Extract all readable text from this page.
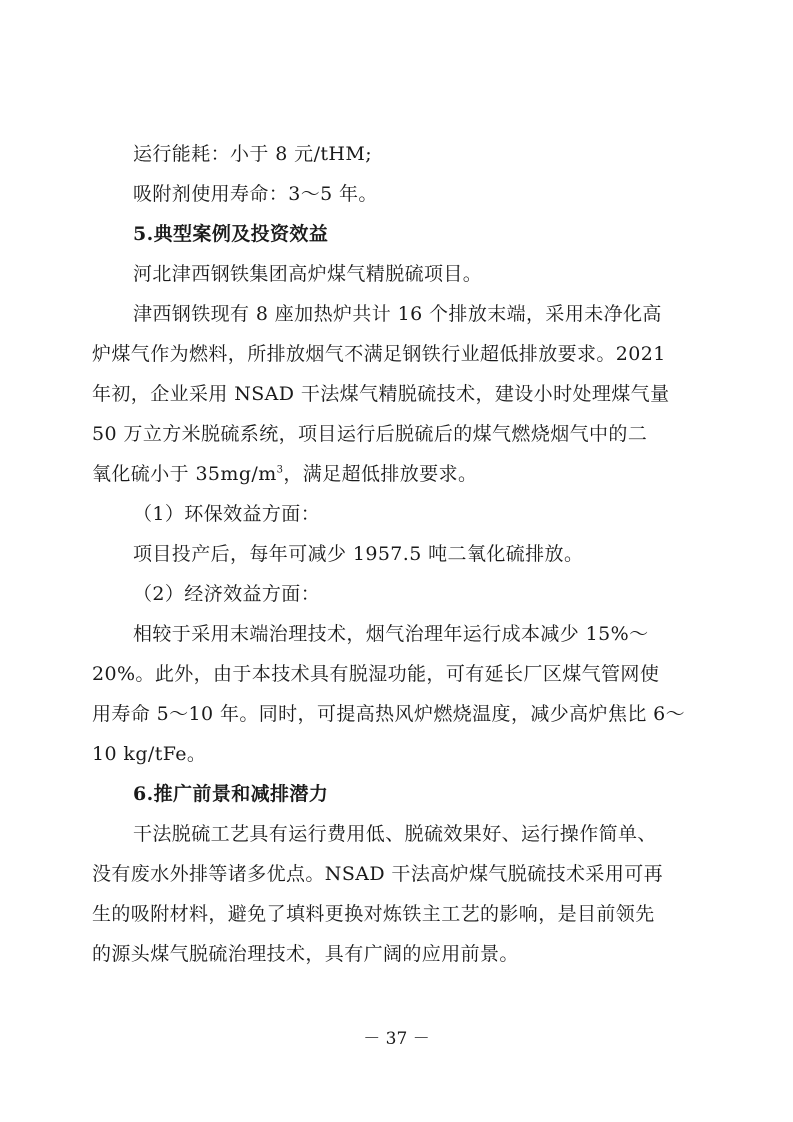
运行能耗：小于 8 元/tHM;
吸附剂使用寿命：3～5 年。
5.典型案例及投资效益
河北津西钢铁集团高炉煤气精脱硫项目。
津西钢铁现有 8 座加热炉共计 16 个排放末端，采用未净化高
炉煤气作为燃料，所排放烟气不满足钢铁行业超低排放要求。2021
年初，企业采用 NSAD 干法煤气精脱硫技术，建设小时处理煤气量
50 万立方米脱硫系统，项目运行后脱硫后的煤气燃烧烟气中的二
氧化硫小于 $35mg/m^3$，满足超低排放要求。
（1）环保效益方面：
项目投产后，每年可减少 1957.5 吨二氧化硫排放。
（2）经济效益方面：
相较于采用末端治理技术，烟气治理年运行成本减少 15%～
20%。此外，由于本技术具有脱湿功能，可有延长厂区煤气管网使
用寿命 5～10 年。同时，可提高热风炉燃烧温度，减少高炉焦比 6～
10 kg/tFe。
6.推广前景和减排潜力
干法脱硫工艺具有运行费用低、脱硫效果好、运行操作简单、
没有废水外排等诸多优点。NSAD 干法高炉煤气脱硫技术采用可再
生的吸附材料，避免了填料更换对炼铁主工艺的影响，是目前领先
的源头煤气脱硫治理技术，具有广阔的应用前景。
－ 37 －
